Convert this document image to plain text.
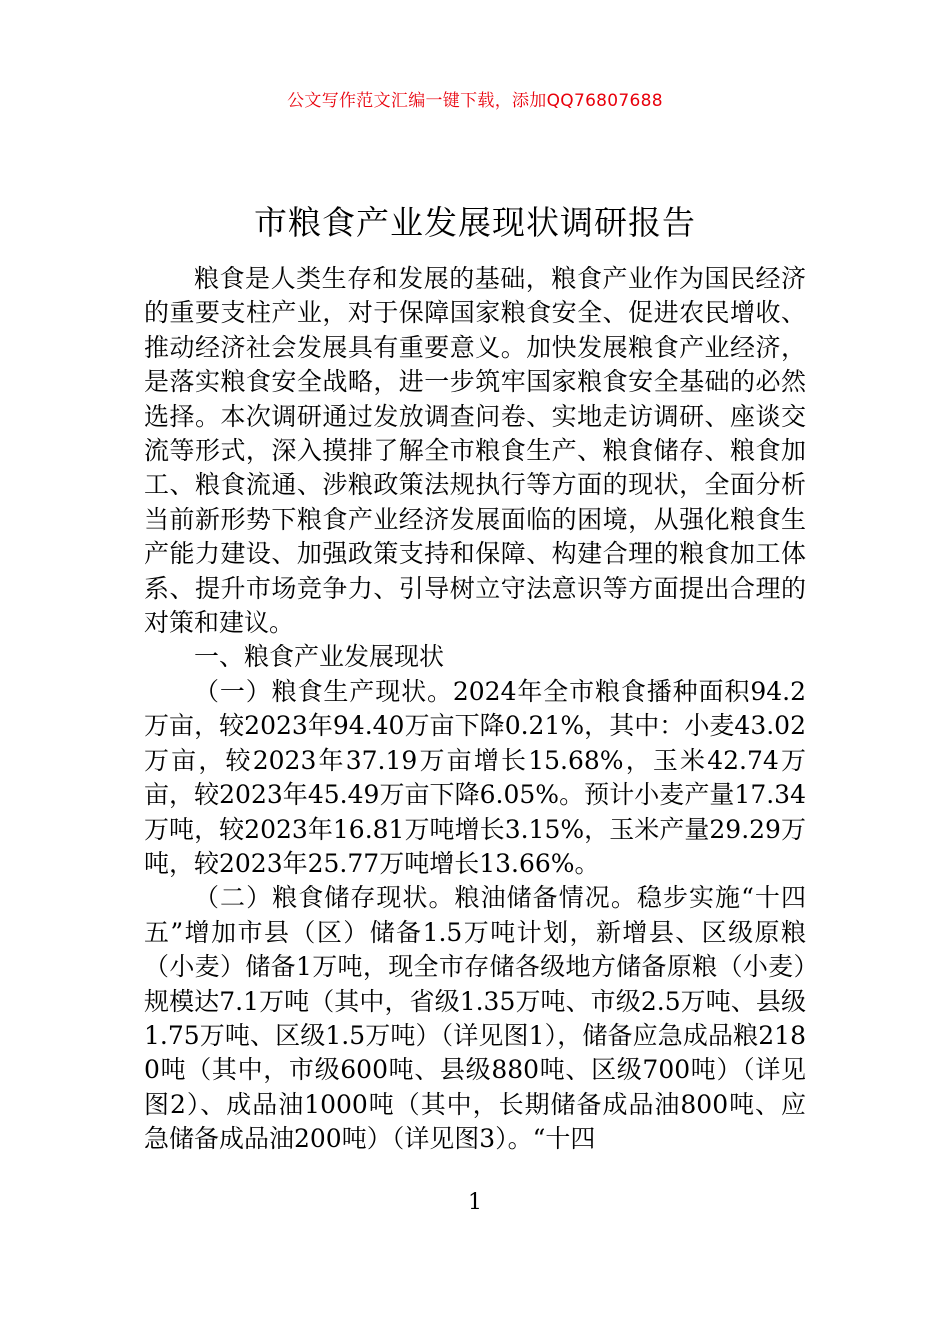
公文写作范文汇编一键下载，添加QQ76807688
市粮食产业发展现状调研报告

粮食是人类生存和发展的基础，粮食产业作为国民经济的重要支柱产业，对于保障国家粮食安全、促进农民增收、推动经济社会发展具有重要意义。加快发展粮食产业经济，是落实粮食安全战略，进一步筑牢国家粮食安全基础的必然选择。本次调研通过发放调查问卷、实地走访调研、座谈交流等形式，深入摸排了解全市粮食生产、粮食储存、粮食加工、粮食流通、涉粮政策法规执行等方面的现状，全面分析当前新形势下粮食产业经济发展面临的困境，从强化粮食生产能力建设、加强政策支持和保障、构建合理的粮食加工体系、提升市场竞争力、引导树立守法意识等方面提出合理的对策和建议。

一、粮食产业发展现状

（一）粮食生产现状。2024年全市粮食播种面积94.2万亩，较2023年94.40万亩下降0.21%，其中：小麦43.02万亩，较2023年37.19万亩增长15.68%，玉米42.74万亩，较2023年45.49万亩下降6.05%。预计小麦产量17.34万吨，较2023年16.81万吨增长3.15%，玉米产量29.29万吨，较2023年25.77万吨增长13.66%。

（二）粮食储存现状。粮油储备情况。稳步实施“十四五”增加市县（区）储备1.5万吨计划，新增县、区级原粮（小麦）储备1万吨，现全市存储各级地方储备原粮（小麦）规模达7.1万吨（其中，省级1.35万吨、市级2.5万吨、县级1.75万吨、区级1.5万吨）（详见图1），储备应急成品粮2180吨（其中，市级600吨、县级880吨、区级700吨）（详见图2）、成品油1000吨（其中，长期储备成品油800吨、应急储备成品油200吨）（详见图3）。“十四

1
